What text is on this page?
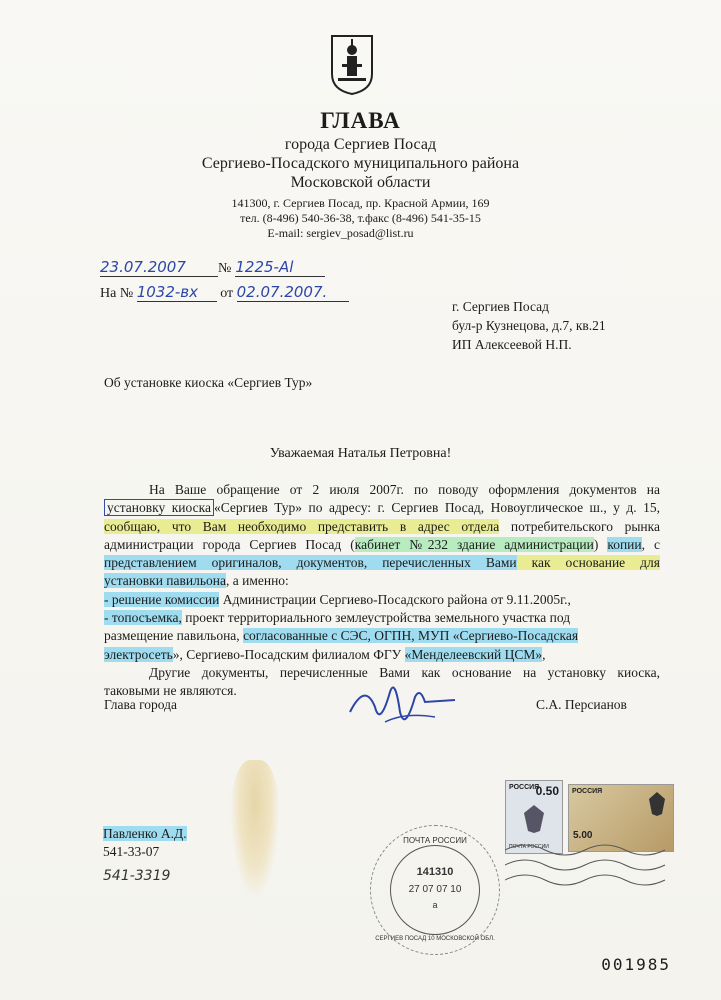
ГЛАВА
города Сергиев Посад
Сергиево-Посадского муниципального района
Московской области
141300, г. Сергиев Посад, пр. Красной Армии, 169
тел. (8-496) 540-36-38, т.факс (8-496) 541-35-15
E-mail: sergiev_posad@list.ru
23.07.2007 № 1225-Al
На № 1032-вх от 02.07.2007.
г. Сергиев Посад
бул-р Кузнецова, д.7, кв.21
ИП Алексеевой Н.П.
Об установке киоска «Сергиев Тур»
Уважаемая Наталья Петровна!
На Ваше обращение от 2 июля 2007г. по поводу оформления документов на
установку киоска «Сергиев Тур» по адресу: г. Сергиев Посад, Новоуглическое ш., у д. 15,
сообщаю, что Вам необходимо представить в адрес отдела потребительского рынка
администрации города Сергиев Посад (кабинет №232 здание администрации) копии, с
представлением оригиналов, документов, перечисленных Вами как основание для
установки павильона, а именно:
- решение комиссии Администрации Сергиево-Посадского района от 9.11.2005г.,
- топосъемка, проект территориального землеустройства земельного участка под
размещение павильона, согласованные с СЭС, ОГПН, МУП «Сергиево-Посадская
электросеть», Сергиево-Посадским филиалом ФГУ «Менделеевский ЦСМ»,
Другие документы, перечисленные Вами как основание на установку киоска,
таковыми не являются.
Глава города	С.А. Персианов
Павленко А.Д.
541-33-07
541-3319
РОССИЯ
0.50
ПОЧТА РОССИИ
РОССИЯ
5.00
ПОЧТА РОССИИ
141310
27 07 07 10
а
СЕРГИЕВ ПОСАД 10 МОСКОВСКОЙ ОБЛ.
001985
